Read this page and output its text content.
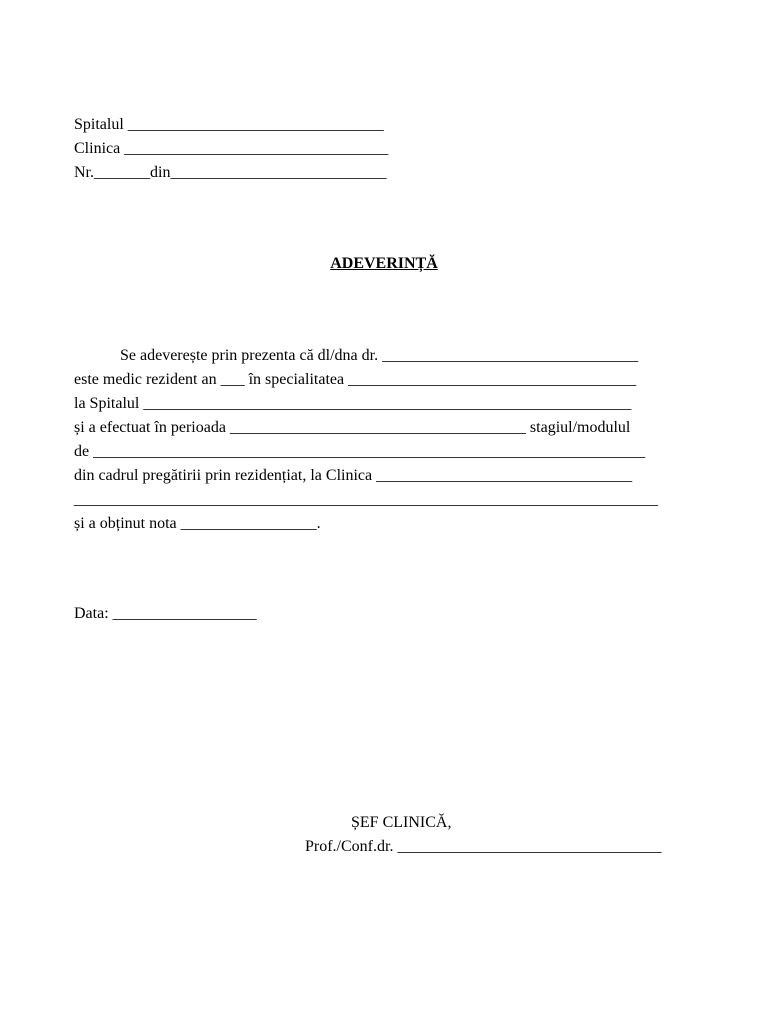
Spitalul ________________________________

Clinica _________________________________

Nr._______din___________________________

ADEVERINȚĂ

Se adeverește prin prezenta că dl/dna dr. ________________________________

este medic rezident an ___ în specialitatea ____________________________________

la Spitalul _____________________________________________________________

și a efectuat în perioada _____________________________________ stagiul/modulul

de _____________________________________________________________________

din cadrul pregătirii prin rezidențiat, la Clinica ________________________________

_________________________________________________________________________

și a obținut nota _________________.

Data: __________________

ȘEF CLINICĂ,

Prof./Conf.dr. _________________________________
